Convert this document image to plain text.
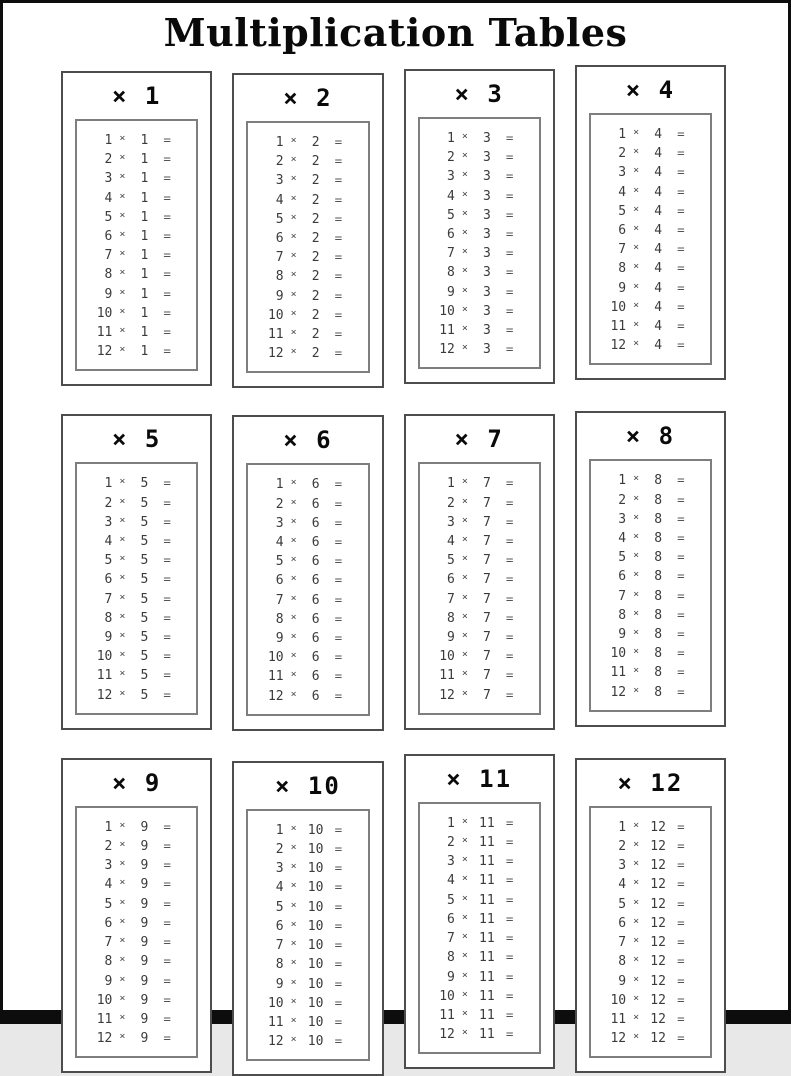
Multiplication Tables
× 1
1 ×	1	=
2 ×	1	=
3 ×	1	=
4 ×	1	=
5 ×	1	=
6 ×	1	=
7 ×	1	=
8 ×	1	=
9 ×	1	=
10 ×	1	=
11 ×	1	=
12 ×	1	=
× 2
1 ×	2	=
2 ×	2	=
3 ×	2	=
4 ×	2	=
5 ×	2	=
6 ×	2	=
7 ×	2	=
8 ×	2	=
9 ×	2	=
10 ×	2	=
11 ×	2	=
12 ×	2	=
× 3
1 ×	3	=
2 ×	3	=
3 ×	3	=
4 ×	3	=
5 ×	3	=
6 ×	3	=
7 ×	3	=
8 ×	3	=
9 ×	3	=
10 ×	3	=
11 ×	3	=
12 ×	3	=
× 4
1 ×	4	=
2 ×	4	=
3 ×	4	=
4 ×	4	=
5 ×	4	=
6 ×	4	=
7 ×	4	=
8 ×	4	=
9 ×	4	=
10 ×	4	=
11 ×	4	=
12 ×	4	=
× 5
1 ×	5	=
2 ×	5	=
3 ×	5	=
4 ×	5	=
5 ×	5	=
6 ×	5	=
7 ×	5	=
8 ×	5	=
9 ×	5	=
10 ×	5	=
11 ×	5	=
12 ×	5	=
× 6
1 ×	6	=
2 ×	6	=
3 ×	6	=
4 ×	6	=
5 ×	6	=
6 ×	6	=
7 ×	6	=
8 ×	6	=
9 ×	6	=
10 ×	6	=
11 ×	6	=
12 ×	6	=
× 7
1 ×	7	=
2 ×	7	=
3 ×	7	=
4 ×	7	=
5 ×	7	=
6 ×	7	=
7 ×	7	=
8 ×	7	=
9 ×	7	=
10 ×	7	=
11 ×	7	=
12 ×	7	=
× 8
1 ×	8	=
2 ×	8	=
3 ×	8	=
4 ×	8	=
5 ×	8	=
6 ×	8	=
7 ×	8	=
8 ×	8	=
9 ×	8	=
10 ×	8	=
11 ×	8	=
12 ×	8	=
× 9
1 ×	9	=
2 ×	9	=
3 ×	9	=
4 ×	9	=
5 ×	9	=
6 ×	9	=
7 ×	9	=
8 ×	9	=
9 ×	9	=
10 ×	9	=
11 ×	9	=
12 ×	9	=
× 10
1 × 10 =
2 × 10 =
3 × 10 =
4 × 10 =
5 × 10 =
6 × 10 =
7 × 10 =
8 × 10 =
9 × 10 =
10 × 10 =
11 × 10 =
12 × 10 =
× 11
1 × 11 =
2 × 11 =
3 × 11 =
4 × 11 =
5 × 11 =
6 × 11 =
7 × 11 =
8 × 11 =
9 × 11 =
10 × 11 =
11 × 11 =
12 × 11 =
× 12
1 × 12 =
2 × 12 =
3 × 12 =
4 × 12 =
5 × 12 =
6 × 12 =
7 × 12 =
8 × 12 =
9 × 12 =
10 × 12 =
11 × 12 =
12 × 12 =
